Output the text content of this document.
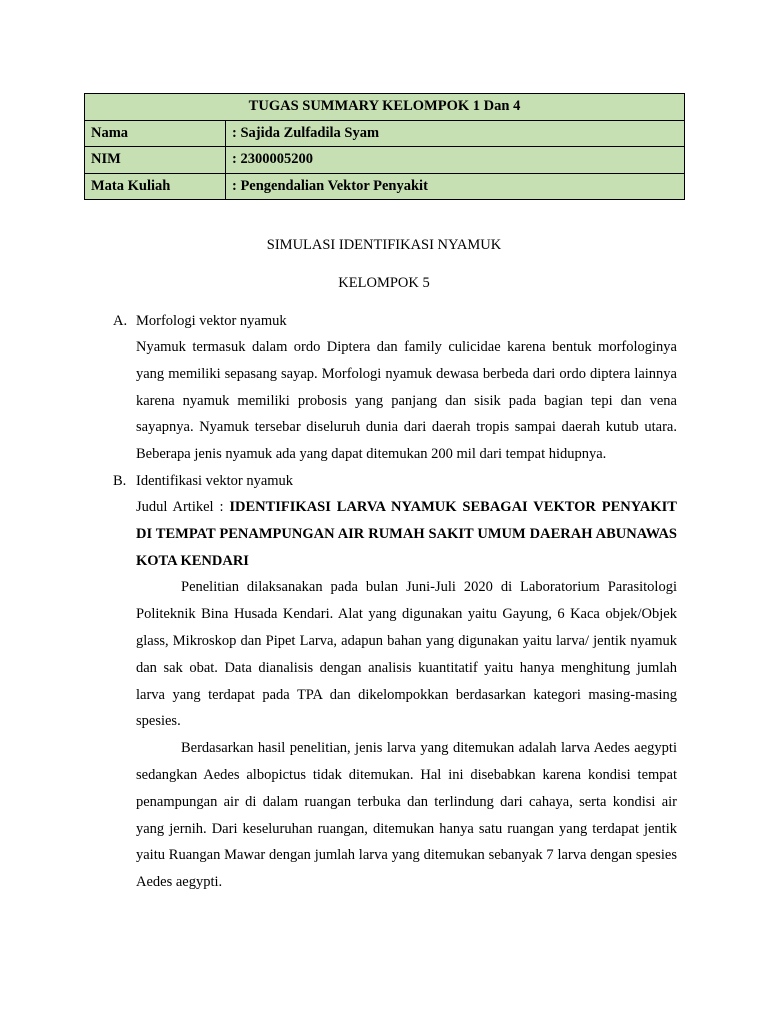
TUGAS SUMMARY KELOMPOK 1 Dan 4	
Nama	: Sajida Zulfadila Syam
NIM	: 2300005200
Mata Kuliah	: Pengendalian Vektor Penyakit
SIMULASI IDENTIFIKASI NYAMUK
KELOMPOK 5
A. Morfologi vektor nyamuk

Nyamuk termasuk dalam ordo Diptera dan family culicidae karena bentuk morfologinya yang memiliki sepasang sayap. Morfologi nyamuk dewasa berbeda dari ordo diptera lainnya karena nyamuk memiliki probosis yang panjang dan sisik pada bagian tepi dan vena sayapnya. Nyamuk tersebar diseluruh dunia dari daerah tropis sampai daerah kutub utara. Beberapa jenis nyamuk ada yang dapat ditemukan 200 mil dari tempat hidupnya.

B. Identifikasi vektor nyamuk

Judul Artikel : IDENTIFIKASI LARVA NYAMUK SEBAGAI VEKTOR PENYAKIT DI TEMPAT PENAMPUNGAN AIR RUMAH SAKIT UMUM DAERAH ABUNAWAS KOTA KENDARI

Penelitian dilaksanakan pada bulan Juni-Juli 2020 di Laboratorium Parasitologi Politeknik Bina Husada Kendari. Alat yang digunakan yaitu Gayung, 6 Kaca objek/Objek glass, Mikroskop dan Pipet Larva, adapun bahan yang digunakan yaitu larva/ jentik nyamuk dan sak obat. Data dianalisis dengan analisis kuantitatif yaitu hanya menghitung jumlah larva yang terdapat pada TPA dan dikelompokkan berdasarkan kategori masing-masing spesies.

Berdasarkan hasil penelitian, jenis larva yang ditemukan adalah larva Aedes aegypti sedangkan Aedes albopictus tidak ditemukan. Hal ini disebabkan karena kondisi tempat penampungan air di dalam ruangan terbuka dan terlindung dari cahaya, serta kondisi air yang jernih. Dari keseluruhan ruangan, ditemukan hanya satu ruangan yang terdapat jentik yaitu Ruangan Mawar dengan jumlah larva yang ditemukan sebanyak 7 larva dengan spesies Aedes aegypti.
